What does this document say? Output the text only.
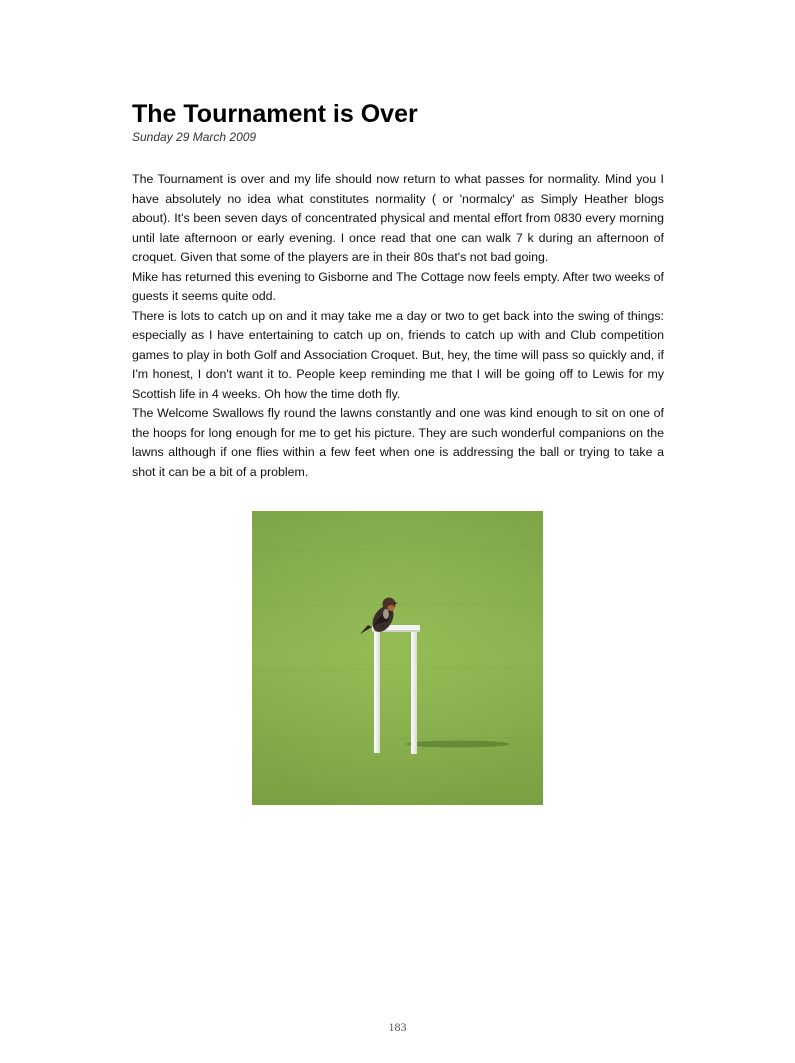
The Tournament is Over
Sunday 29 March 2009

The Tournament is over and my life should now return to what passes for normality. Mind you I have absolutely no idea what constitutes normality ( or 'normalcy' as Simply Heather blogs about). It's been seven days of concentrated physical and mental effort from 0830 every morning until late afternoon or early evening. I once read that one can walk 7 k during an afternoon of croquet. Given that some of the players are in their 80s that's not bad going.

Mike has returned this evening to Gisborne and The Cottage now feels empty. After two weeks of guests it seems quite odd.

There is lots to catch up on and it may take me a day or two to get back into the swing of things: especially as I have entertaining to catch up on, friends to catch up with and Club competition games to play in both Golf and Association Croquet. But, hey, the time will pass so quickly and, if I'm honest, I don't want it to. People keep reminding me that I will be going off to Lewis for my Scottish life in 4 weeks. Oh how the time doth fly.

The Welcome Swallows fly round the lawns constantly and one was kind enough to sit on one of the hoops for long enough for me to get his picture. They are such wonderful companions on the lawns although if one flies within a few feet when one is addressing the ball or trying to take a shot it can be a bit of a problem.

183
